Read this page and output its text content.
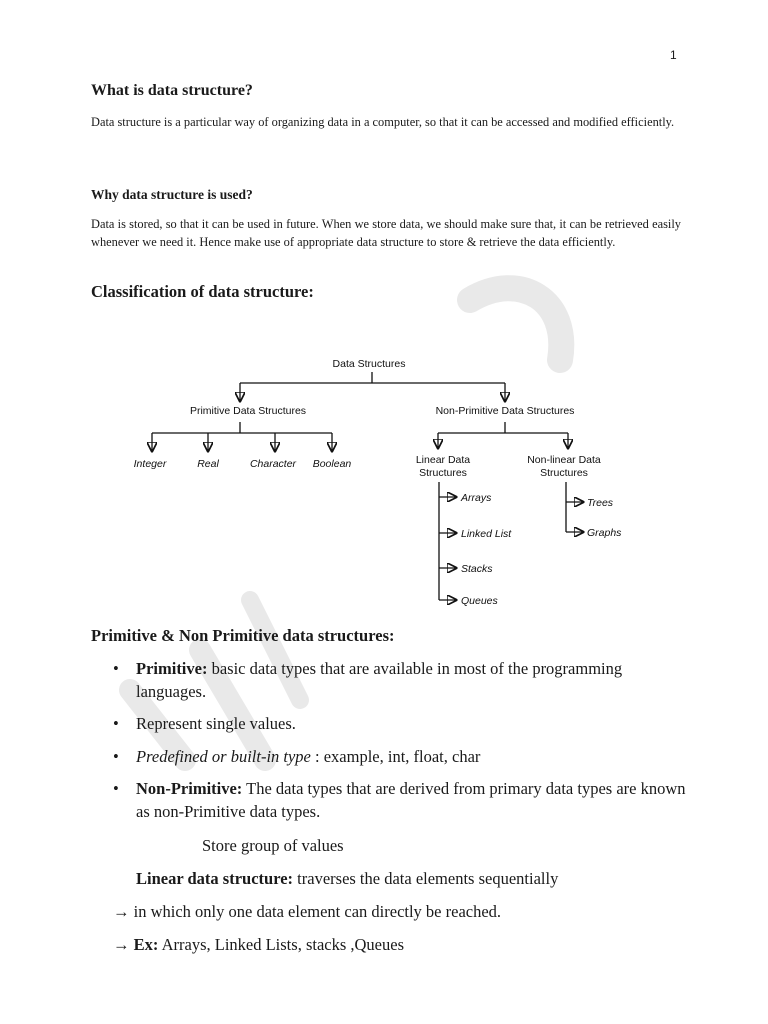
1
What is data structure?

Data structure is a particular way of organizing data in a computer, so that it can be accessed and modified efficiently.

Why data structure is used?

Data is stored, so that it can be used in future. When we store data, we should make sure that, it can be retrieved easily whenever we need it. Hence make use of appropriate data structure to store & retrieve the data efficiently.

Classification of data structure:
Data Structures
Primitive Data Structures	Non-Primitive Data Structures
Integer	Real	Character Boolean	Linear Data
Structures
Non-linear Data
Structures
Arrays
Linked List
Stacks
Queues
Trees
Graphs
Primitive & Non Primitive data structures:
• Primitive: basic data types that are available in most of the programming languages.
• Represent single values.
• Predefined or built-in type : example, int, float, char
• Non-Primitive: The data types that are derived from primary data types are known as non-Primitive data types.
Store group of values
Linear data structure: traverses the data elements sequentially
→ in which only one data element can directly be reached.
→ Ex: Arrays, Linked Lists, stacks ,Queues
